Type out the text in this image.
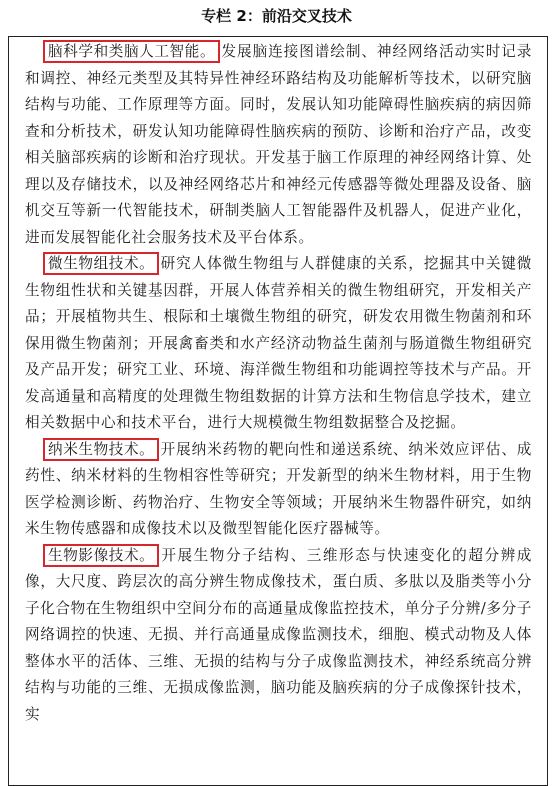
专栏 2：前沿交叉技术

脑科学和类脑人工智能。 发展脑连接图谱绘制、神经网络活动实时记录和调控、神经元类型及其特异性神经环路结构及功能解析等技术，以研究脑结构与功能、工作原理等方面。同时，发展认知功能障碍性脑疾病的病因筛查和分析技术，研发认知功能障碍性脑疾病的预防、诊断和治疗产品，改变相关脑部疾病的诊断和治疗现状。开发基于脑工作原理的神经网络计算、处理以及存储技术，以及神经网络芯片和神经元传感器等微处理器及设备、脑机交互等新一代智能技术，研制类脑人工智能器件及机器人，促进产业化，进而发展智能化社会服务技术及平台体系。

微生物组技术。 研究人体微生物组与人群健康的关系，挖掘其中关键微生物组性状和关键基因群，开展人体营养相关的微生物组研究，开发相关产品；开展植物共生、根际和土壤微生物组的研究，研发农用微生物菌剂和环保用微生物菌剂；开展禽畜类和水产经济动物益生菌剂与肠道微生物组研究及产品开发；研究工业、环境、海洋微生物组和功能调控等技术与产品。开发高通量和高精度的处理微生物组数据的计算方法和生物信息学技术，建立相关数据中心和技术平台，进行大规模微生物组数据整合及挖掘。

纳米生物技术。 开展纳米药物的靶向性和递送系统、纳米效应评估、成药性、纳米材料的生物相容性等研究；开发新型的纳米生物材料，用于生物医学检测诊断、药物治疗、生物安全等领域；开展纳米生物器件研究，如纳米生物传感器和成像技术以及微型智能化医疗器械等。

生物影像技术。 开展生物分子结构、三维形态与快速变化的超分辨成像，大尺度、跨层次的高分辨生物成像技术，蛋白质、多肽以及脂类等小分子化合物在生物组织中空间分布的高通量成像监控技术，单分子分辨/多分子网络调控的快速、无损、并行高通量成像监测技术，细胞、模式动物及人体整体水平的活体、三维、无损的结构与分子成像监测技术，神经系统高分辨结构与功能的三维、无损成像监测，脑功能及脑疾病的分子成像探针技术，实
